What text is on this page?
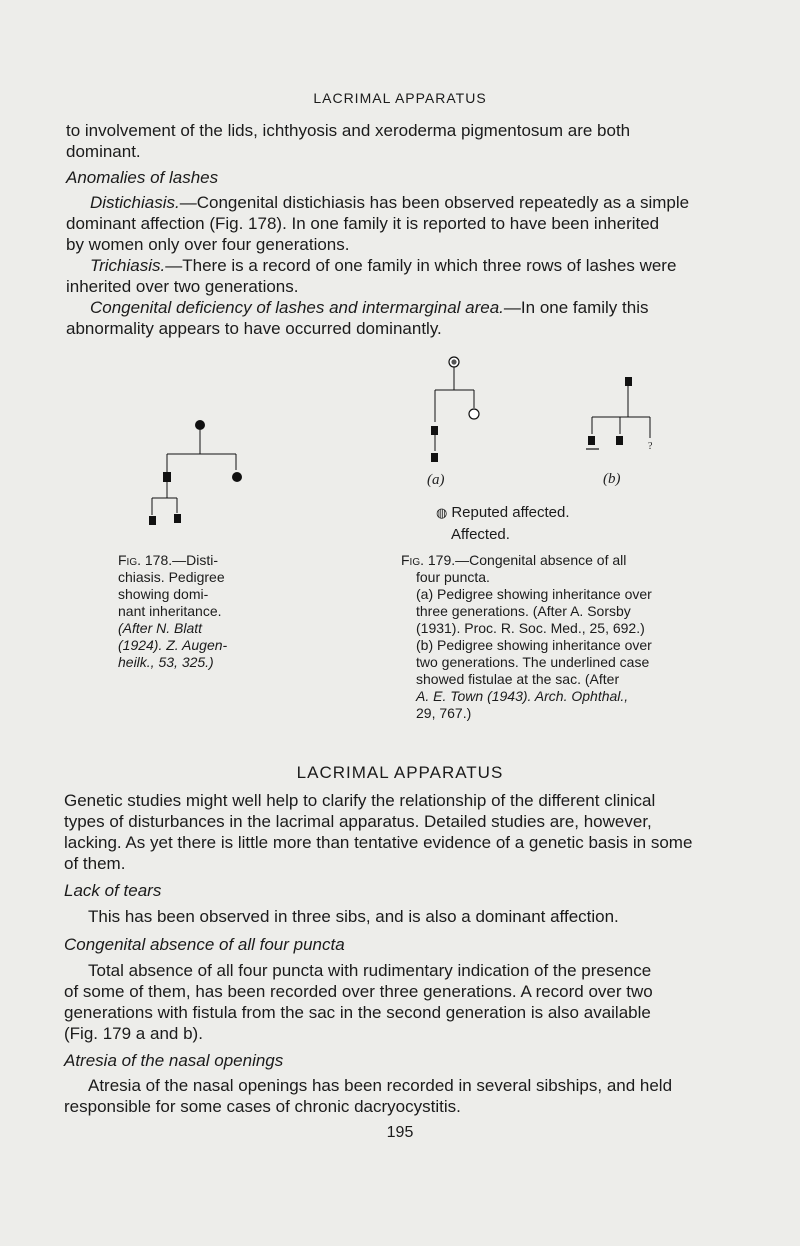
LACRIMAL APPARATUS
to involvement of the lids, ichthyosis and xeroderma pigmentosum are both
dominant.
Anomalies of lashes
Distichiasis.—Congenital distichiasis has been observed repeatedly as a simple
dominant affection (Fig. 178). In one family it is reported to have been inherited
by women only over four generations.
Trichiasis.—There is a record of one family in which three rows of lashes were
inherited over two generations.
Congenital deficiency of lashes and intermarginal area.—In one family this
abnormality appears to have occurred dominantly.
(a)
?
(b)
◍ Reputed affected.
Affected.
Fig. 178.—Disti-
chiasis. Pedigree
showing domi-
nant inheritance.
(After N. Blatt
(1924). Z. Augen-
heilk., 53, 325.)
Fig. 179.—Congenital absence of all
four puncta.
(a) Pedigree showing inheritance over
three generations. (After A. Sorsby
(1931). Proc. R. Soc. Med., 25, 692.)
(b) Pedigree showing inheritance over
two generations. The underlined case
showed fistulae at the sac. (After
A. E. Town (1943). Arch. Ophthal.,
29, 767.)
LACRIMAL APPARATUS
Genetic studies might well help to clarify the relationship of the different clinical
types of disturbances in the lacrimal apparatus. Detailed studies are, however,
lacking. As yet there is little more than tentative evidence of a genetic basis in some
of them.
Lack of tears
This has been observed in three sibs, and is also a dominant affection.
Congenital absence of all four puncta
Total absence of all four puncta with rudimentary indication of the presence
of some of them, has been recorded over three generations. A record over two
generations with fistula from the sac in the second generation is also available
(Fig. 179 a and b).
Atresia of the nasal openings
Atresia of the nasal openings has been recorded in several sibships, and held
responsible for some cases of chronic dacryocystitis.
195
